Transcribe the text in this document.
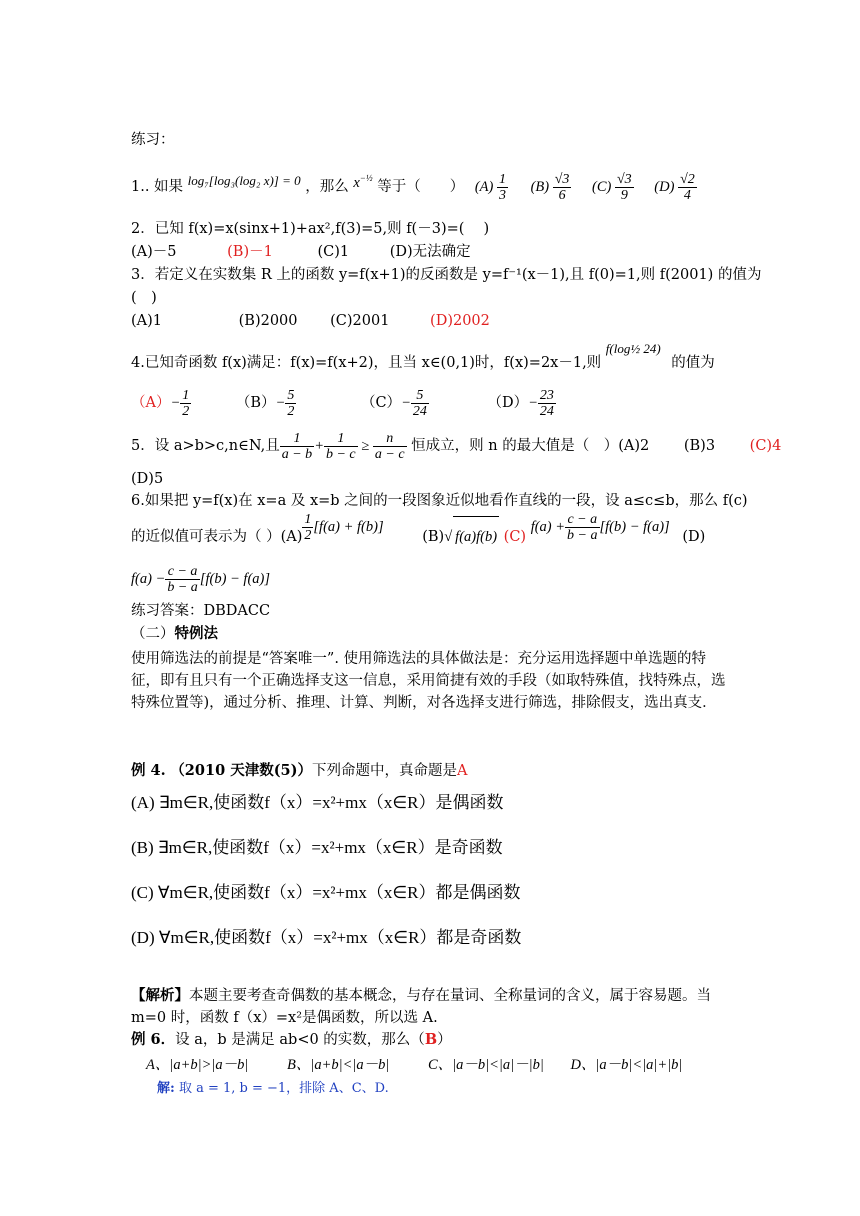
练习：
1.. 如果 log₇[log₃(log₂ x)] = 0 ，那么 $x^{-\frac{1}{2}}$ 等于（　　） $(A) \frac{1}{3} (B) \frac{√3}{6} (C) \frac{√3}{9} (D) \frac{√2}{4}$
2．已知 f(x)=x(sinx+1)+ax²,f(3)=5,则 f(－3)=(　 )
(A)－5	(B)－1	(C)1	(D)无法确定
3．若定义在实数集 R 上的函数 y=f(x+1)的反函数是 y=f⁻¹(x－1),且 f(0)=1,则 f(2001) 的值为
(　)
(A)1	(B)2000 (C)2001	(D)2002
4.已知奇函数 f(x)满足：f(x)=f(x+2)，且当 x∈(0,1)时，f(x)=2x－1,则 f(log½ 24) 的值为
$(A)- \frac{1}{2}$	$(B)- \frac{5}{2}$	$(C)- \frac{5}{24}$	$(D)- \frac{23}{24}$
5．设 a>b>c,n∈N,且 $\frac{1}{a - b} + \frac{1}{b - c} \ge \frac{n}{a - c}$ 恒成立，则 n 的最大值是（　）(A)2 (B)3 (C)4
(D)5
6.如果把 y=f(x)在 x=a 及 x=b 之间的一段图象近似地看作直线的一段，设 a≤c≤b，那么 f(c)
的近似值可表示为（ ）$(A) \frac{1}{2} [f(a) + f(b)]$ (B)√ f(a)f(b) (C) $f(a) + \frac{c - a}{b - a} [f(b) - f(a)]$ (D)
$f(a) - \frac{c - a}{b - a} [f(b) - f(a)]$
练习答案：DBDACC
（二）特例法
使用筛选法的前提是“答案唯一”. 使用筛选法的具体做法是：充分运用选择题中单选题的特征，即有且只有一个正确选择支这一信息，采用简捷有效的手段（如取特殊值，找特殊点，选特殊位置等)，通过分析、推理、计算、判断，对各选择支进行筛选，排除假支，选出真支．
例 4. （2010 天津数(5)）下列命题中，真命题是A
(A) ∃m∈R,使函数f（x）=x²+mx（x∈R）是偶函数
(B) ∃m∈R,使函数f（x）=x²+mx（x∈R）是奇函数
(C) ∀m∈R,使函数f（x）=x²+mx（x∈R）都是偶函数
(D) ∀m∈R,使函数f（x）=x²+mx（x∈R）都是奇函数
【解析】本题主要考查奇偶数的基本概念，与存在量词、全称量词的含义，属于容易题。当m=0 时，函数 f（x）=x²是偶函数，所以选 A.
例 6．设 a，b 是满足 ab<0 的实数，那么（B）
A、|a+b|>|a－b|	B、|a+b|<|a－b|	C、|a－b|<|a|－|b| D、|a－b|<|a|+|b|
解: 取 a = 1, b = −1，排除 A、C、D.
